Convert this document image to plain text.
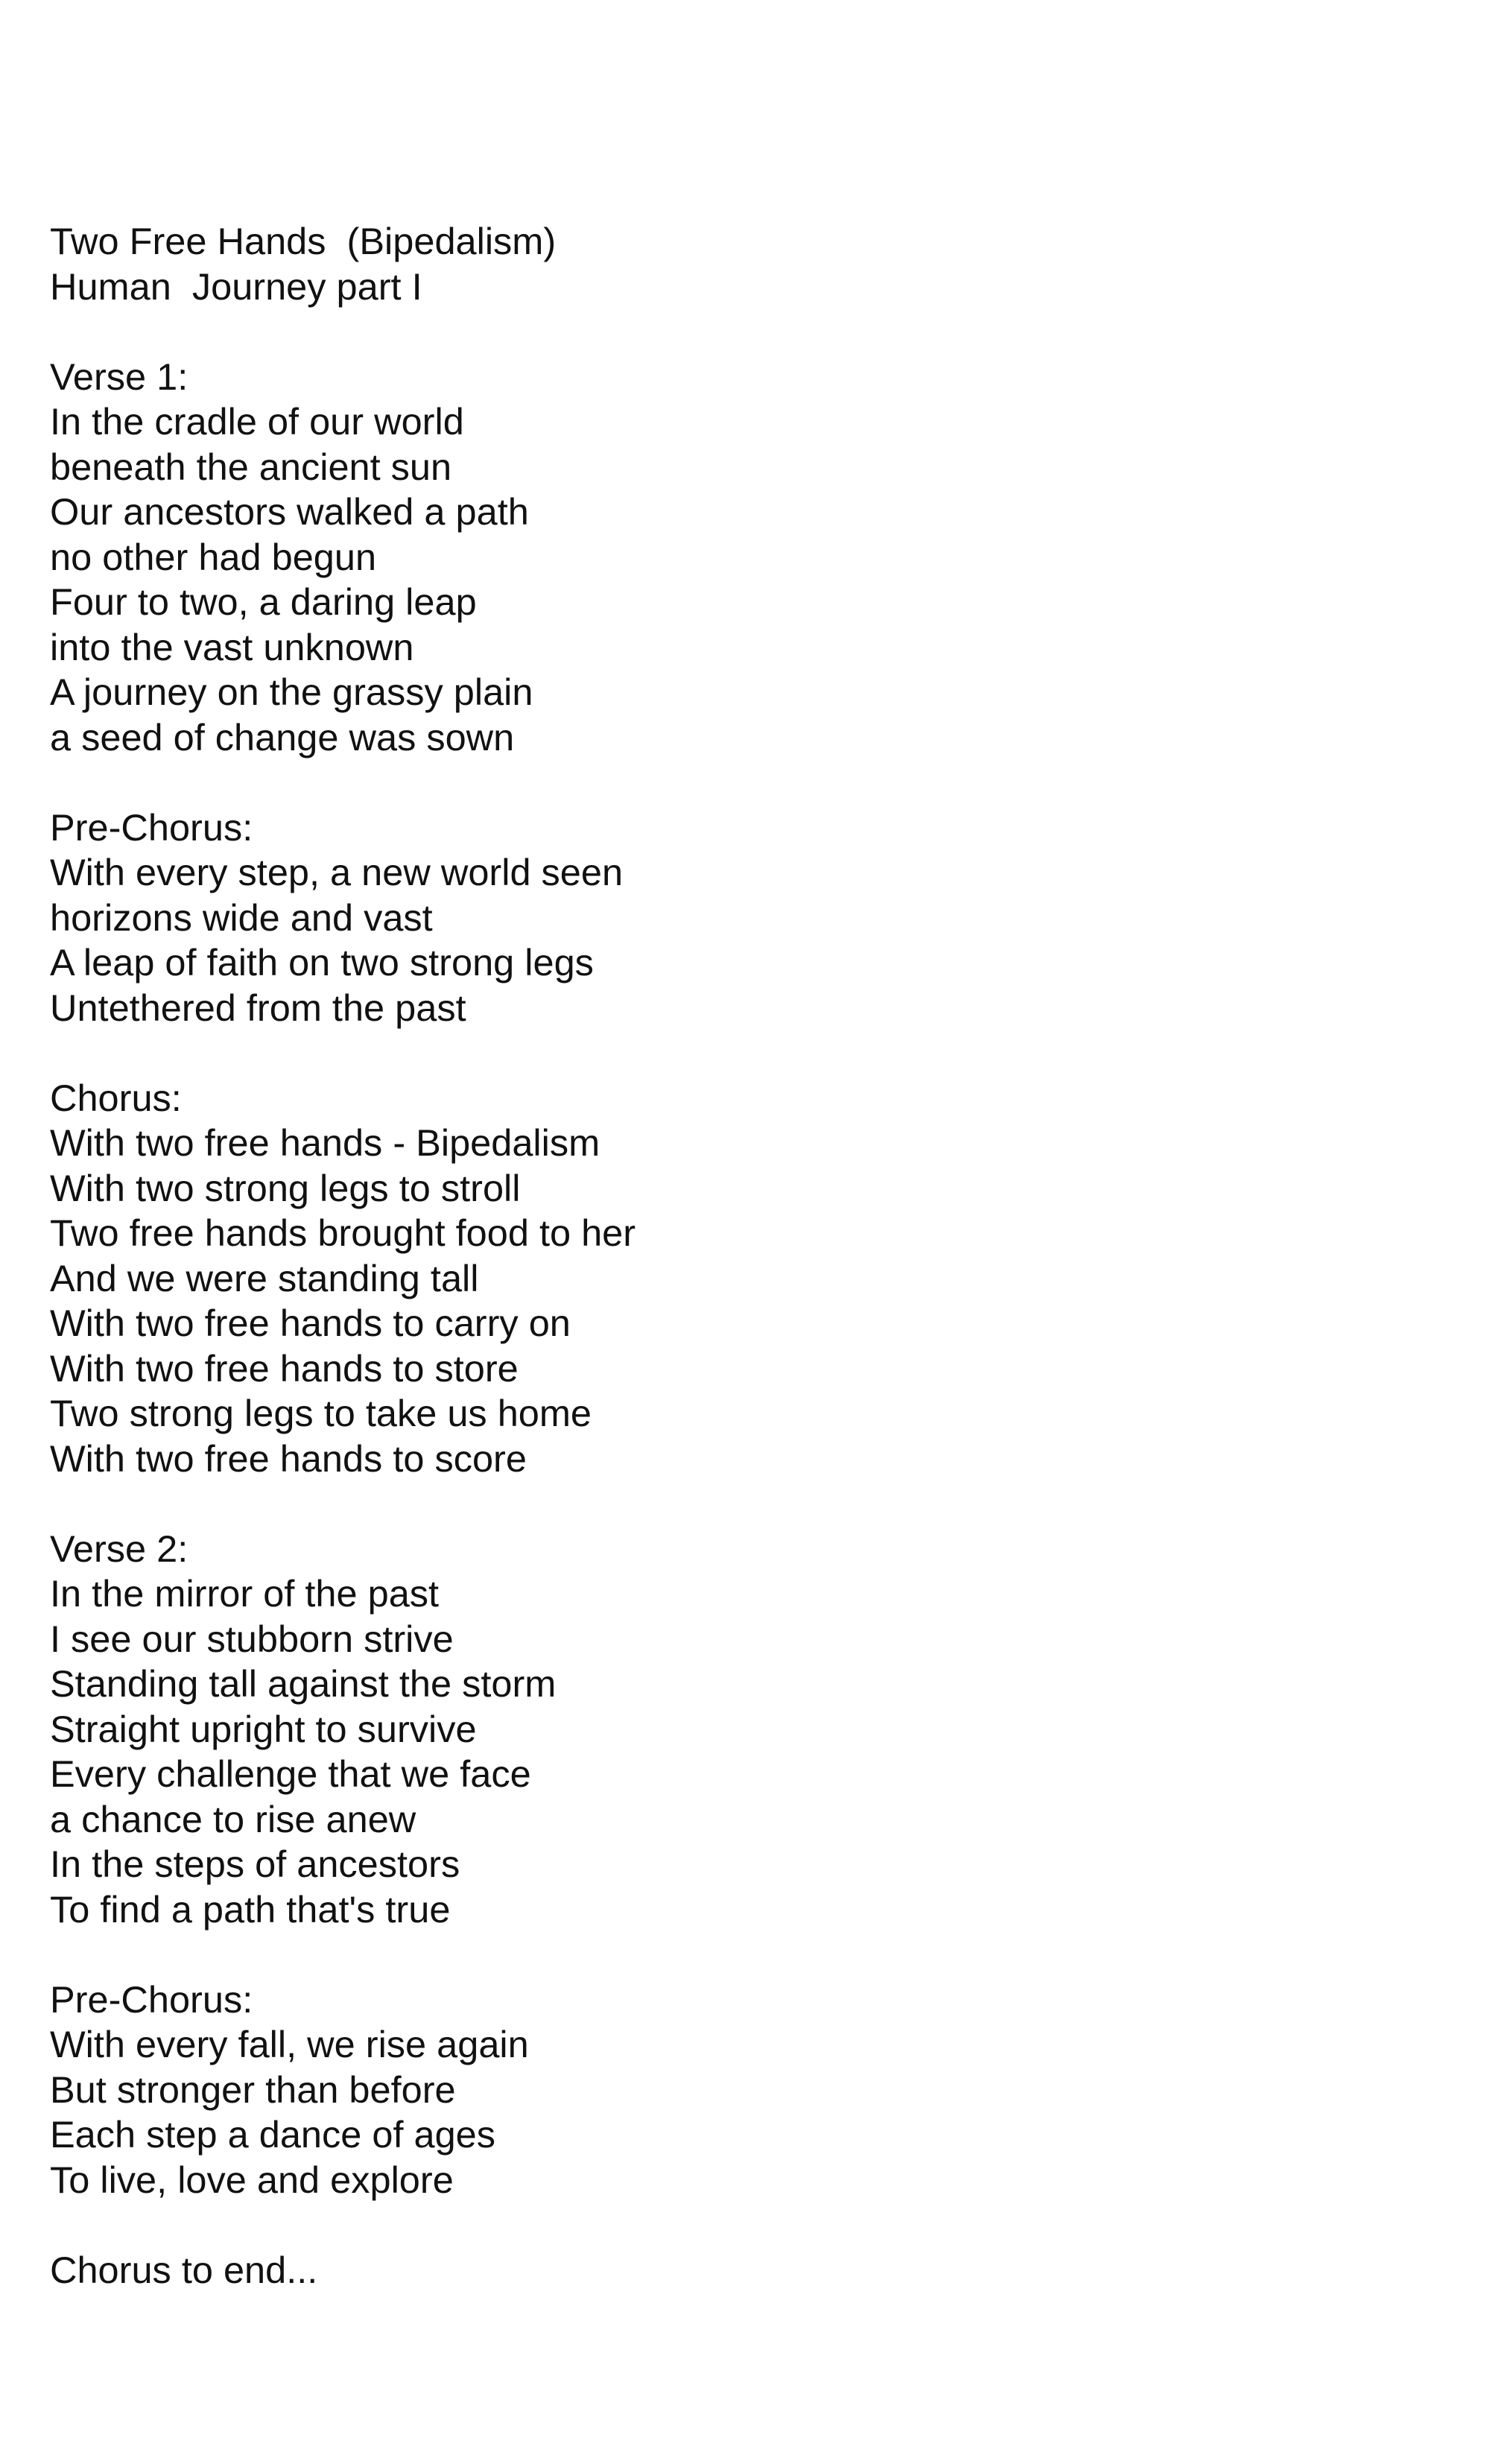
Two Free Hands  (Bipedalism)
Human  Journey part I
Verse 1:
In the cradle of our world
beneath the ancient sun
Our ancestors walked a path
no other had begun
Four to two, a daring leap
into the vast unknown
A journey on the grassy plain
a seed of change was sown
Pre-Chorus:
With every step, a new world seen
horizons wide and vast
A leap of faith on two strong legs
Untethered from the past
Chorus:
With two free hands - Bipedalism
With two strong legs to stroll
Two free hands brought food to her
And we were standing tall
With two free hands to carry on
With two free hands to store
Two strong legs to take us home
With two free hands to score
Verse 2:
In the mirror of the past
I see our stubborn strive
Standing tall against the storm
Straight upright to survive
Every challenge that we face
a chance to rise anew
In the steps of ancestors
To find a path that's true
Pre-Chorus:
With every fall, we rise again
But stronger than before
Each step a dance of ages
To live, love and explore
Chorus to end...
